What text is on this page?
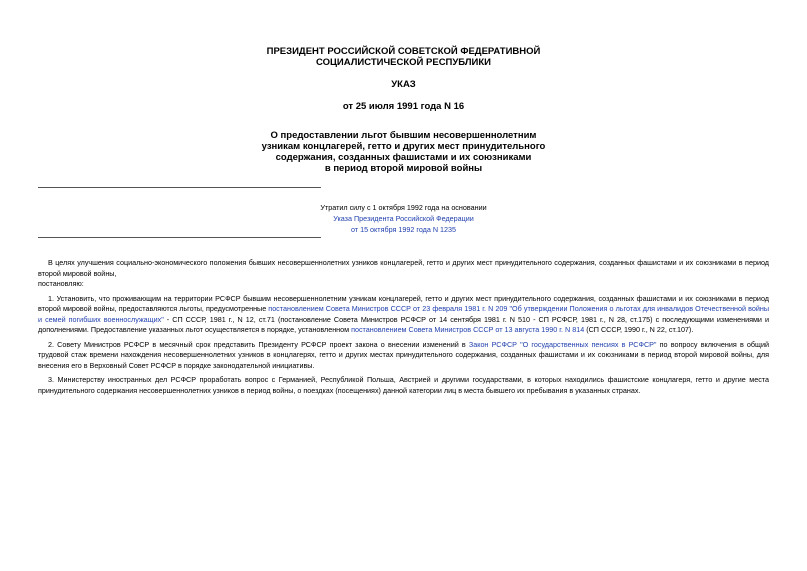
ПРЕЗИДЕНТ РОССИЙСКОЙ СОВЕТСКОЙ ФЕДЕРАТИВНОЙ
СОЦИАЛИСТИЧЕСКОЙ РЕСПУБЛИКИ
УКАЗ
от 25 июля 1991 года N 16
О предоставлении льгот бывшим несовершеннолетним
узникам концлагерей, гетто и других мест принудительного
содержания, созданных фашистами и их союзниками
в период второй мировой войны
Утратил силу с 1 октября 1992 года на основании
Указа Президента Российской Федерации
от 15 октября 1992 года N 1235

В целях улучшения социально-экономического положения бывших несовершеннолетних узников концлагерей, гетто и других мест принудительного содержания, созданных фашистами и их союзниками в период второй мировой войны,

постановляю:

1. Установить, что проживающим на территории РСФСР бывшим несовершеннолетним узникам концлагерей, гетто и других мест принудительного содержания, созданных фашистами и их союзниками в период второй мировой войны, предоставляются льготы, предусмотренные постановлением Совета Министров СССР от 23 февраля 1981 г. N 209 "Об утверждении Положения о льготах для инвалидов Отечественной войны и семей погибших военнослужащих" - СП СССР, 1981 г., N 12, ст.71 (постановление Совета Министров РСФСР от 14 сентября 1981 г. N 510 - СП РСФСР, 1981 г., N 28, ст.175) с последующими изменениями и дополнениями. Предоставление указанных льгот осуществляется в порядке, установленном постановлением Совета Министров СССР от 13 августа 1990 г. N 814 (СП СССР, 1990 г., N 22, ст.107).

2. Совету Министров РСФСР в месячный срок представить Президенту РСФСР проект закона о внесении изменений в Закон РСФСР "О государственных пенсиях в РСФСР" по вопросу включения в общий трудовой стаж времени нахождения несовершеннолетних узников в концлагерях, гетто и других местах принудительного содержания, созданных фашистами и их союзниками в период второй мировой войны, для внесения его в Верховный Совет РСФСР в порядке законодательной инициативы.

3. Министерству иностранных дел РСФСР проработать вопрос с Германией, Республикой Польша, Австрией и другими государствами, в которых находились фашистские концлагеря, гетто и другие места принудительного содержания несовершеннолетних узников в период войны, о поездках (посещениях) данной категории лиц в места бывшего их пребывания в указанных странах.
